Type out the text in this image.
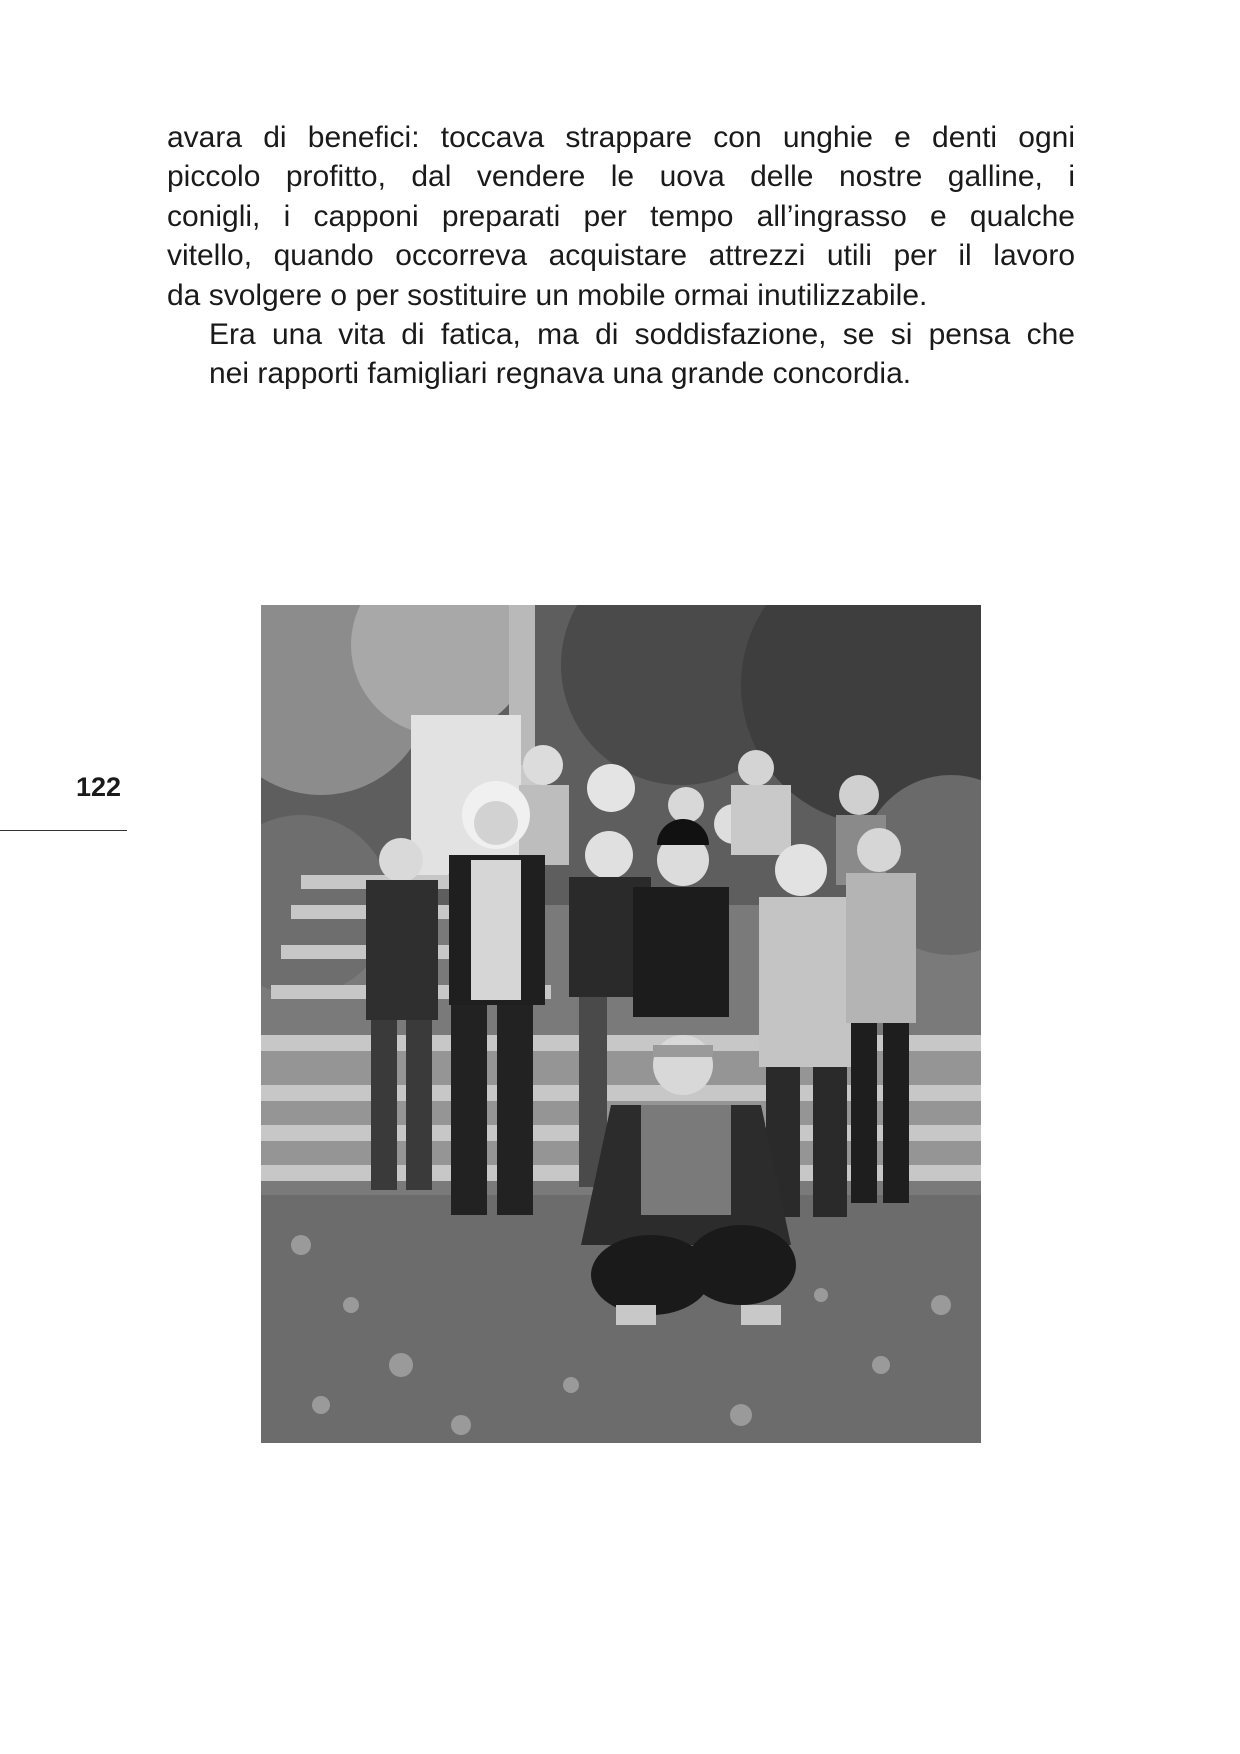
avara di benefici: toccava strappare con unghie e denti ogni
piccolo profitto, dal vendere le uova delle nostre galline, i
conigli, i capponi preparati per tempo all’ingrasso e qualche
vitello, quando occorreva acquistare attrezzi utili per il lavoro
da svolgere o per sostituire un mobile ormai inutilizzabile.

Era una vita di fatica, ma di soddisfazione, se si pensa che
nei rapporti famigliari regnava una grande concordia.

122
